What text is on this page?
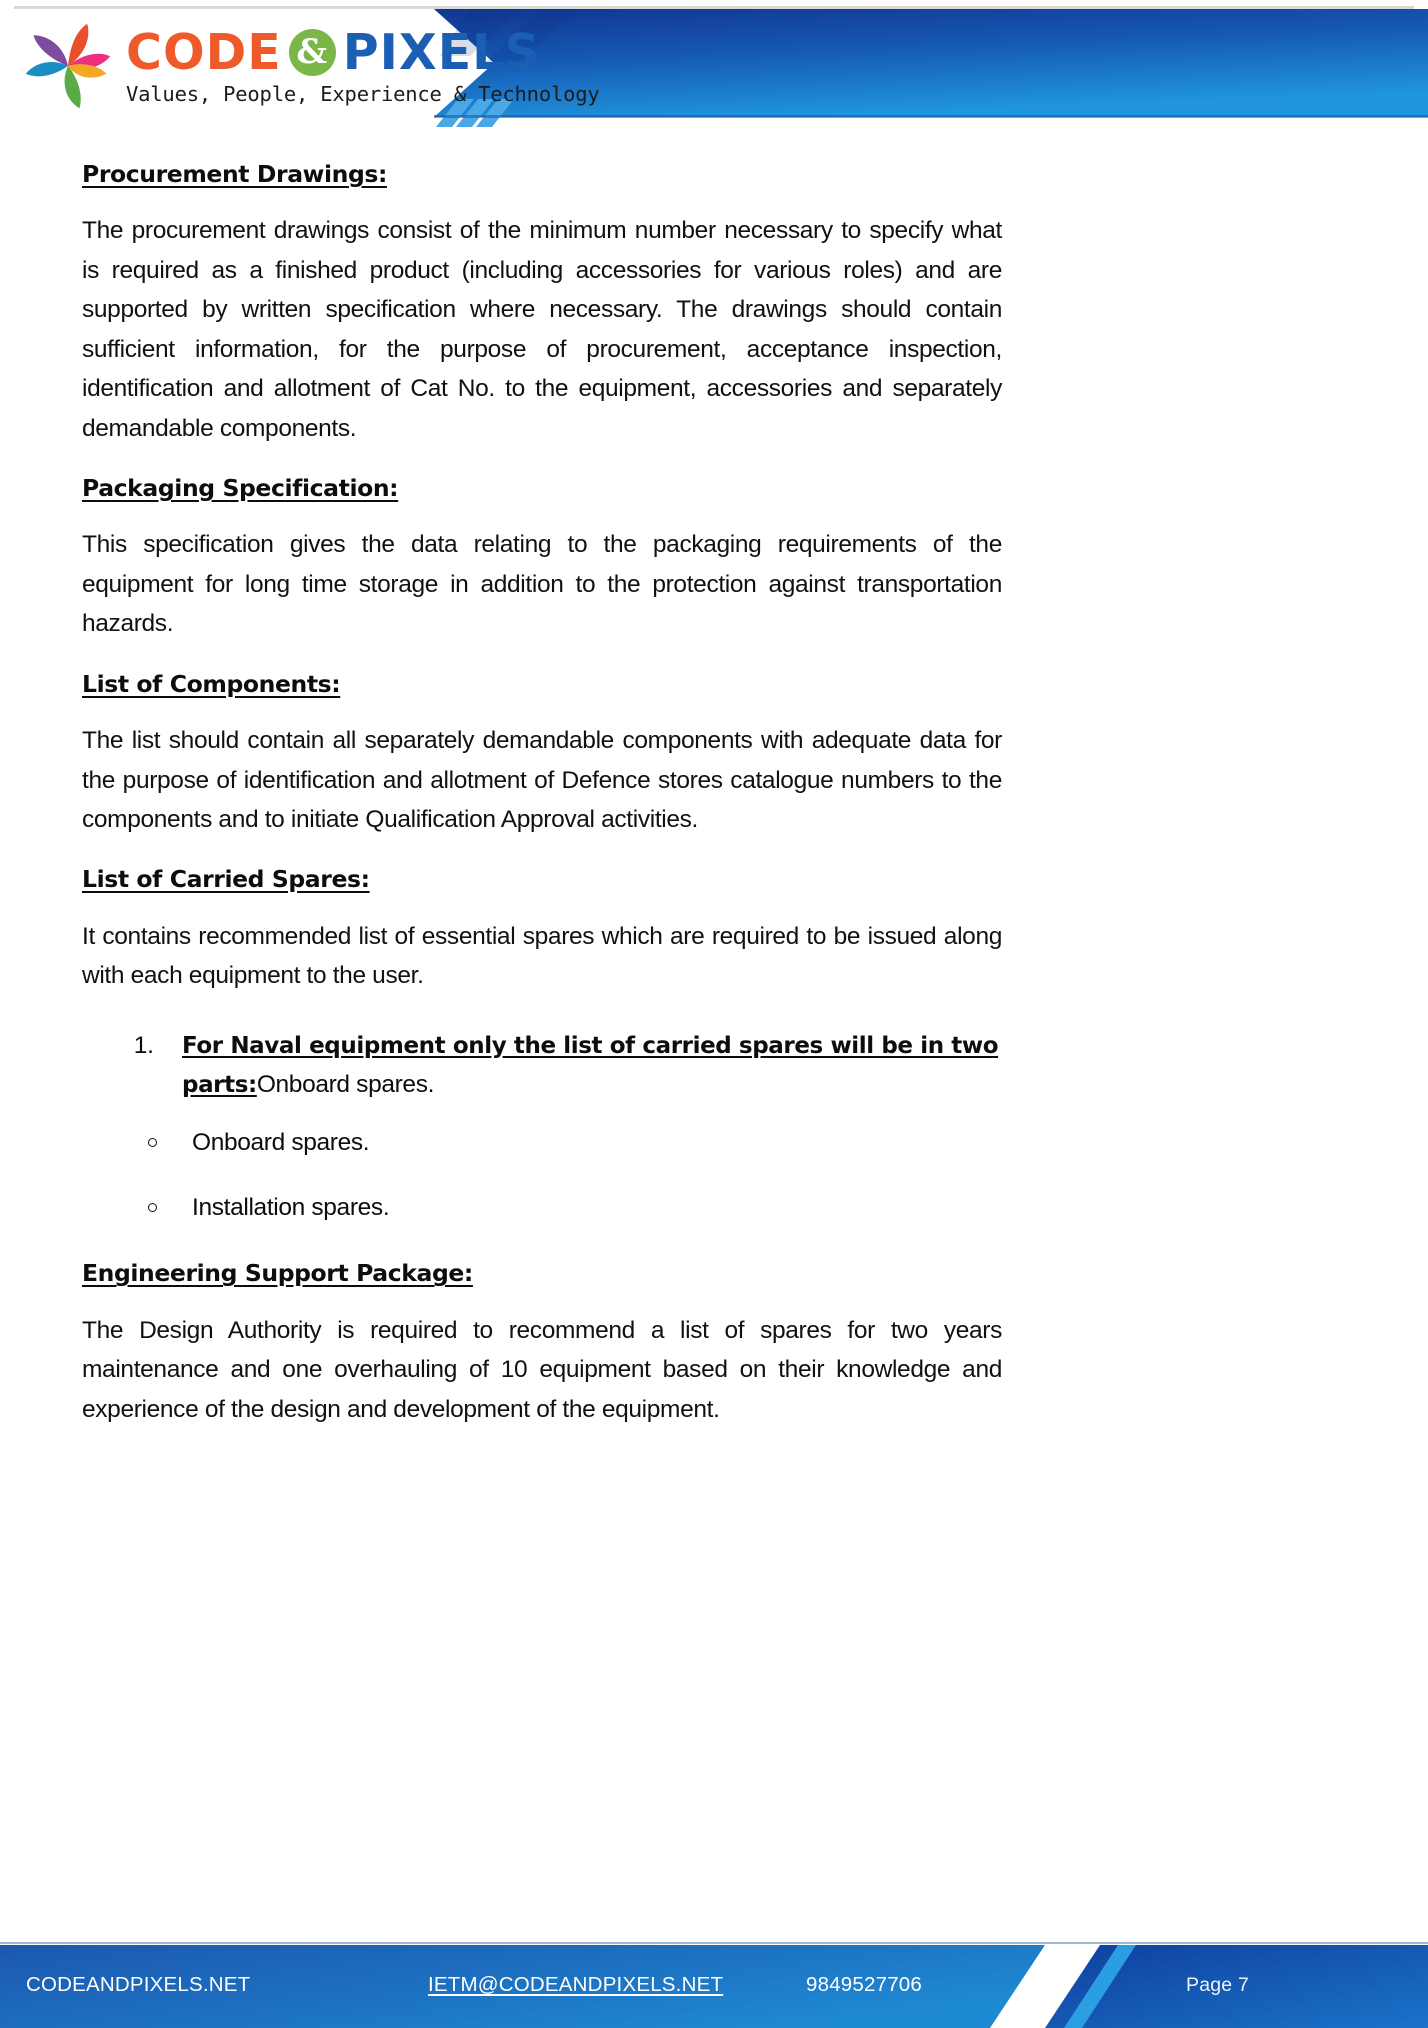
CODE & PIXELS
Values, People, Experience & Technology
Procurement Drawings:

The procurement drawings consist of the minimum number necessary to specify what is required as a finished product (including accessories for various roles) and are supported by written specification where necessary. The drawings should contain sufficient information, for the purpose of procurement, acceptance inspection, identification and allotment of Cat No. to the equipment, accessories and separately demandable components.

Packaging Specification:

This specification gives the data relating to the packaging requirements of the equipment for long time storage in addition to the protection against transportation hazards.

List of Components:

The list should contain all separately demandable components with adequate data for the purpose of identification and allotment of Defence stores catalogue numbers to the components and to initiate Qualification Approval activities.

List of Carried Spares:

It contains recommended list of essential spares which are required to be issued along with each equipment to the user.

1. For Naval equipment only the list of carried spares will be in two parts:Onboard spares.
Onboard spares.
Installation spares.
Engineering Support Package:

The Design Authority is required to recommend a list of spares for two years maintenance and one overhauling of 10 equipment based on their knowledge and experience of the design and development of the equipment.

CODEANDPIXELS.NET	IETM@CODEANDPIXELS.NET	9849527706	Page 7
